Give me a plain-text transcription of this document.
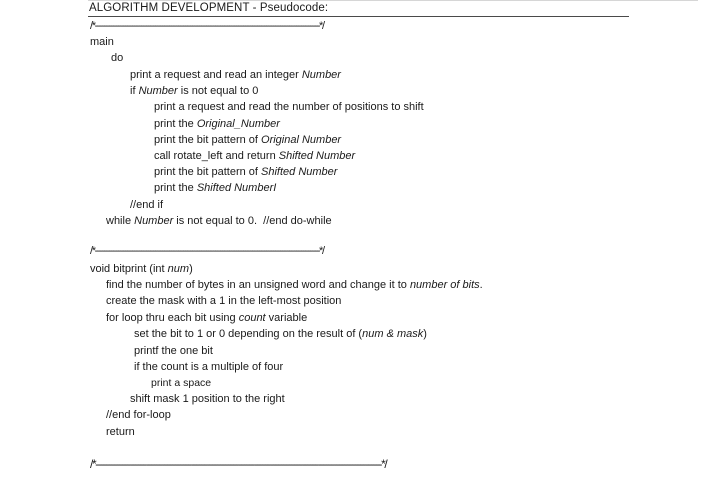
ALGORITHM DEVELOPMENT - Pseudocode:
/*-------------------------------------------------------------------------------------------------*/
main
do
print a request and read an integer Number
if Number is not equal to 0
print a request and read the number of positions to shift
print the Original_Number
print the bit pattern of Original Number
call rotate_left and return Shifted Number
print the bit pattern of Shifted Number
print the Shifted NumberI
//end if
while Number is not equal to 0.  //end do-while
/*-------------------------------------------------------------------------------------------------*/
void bitprint (int num)
find the number of bytes in an unsigned word and change it to number of bits.
create the mask with a 1 in the left-most position
for loop thru each bit using count variable
set the bit to 1 or 0 depending on the result of (num & mask)
printf the one bit
if the count is a multiple of four
print a space
shift mask 1 position to the right
//end for-loop
return
/*------------------------------------------------------------------------------------------------------------*/
